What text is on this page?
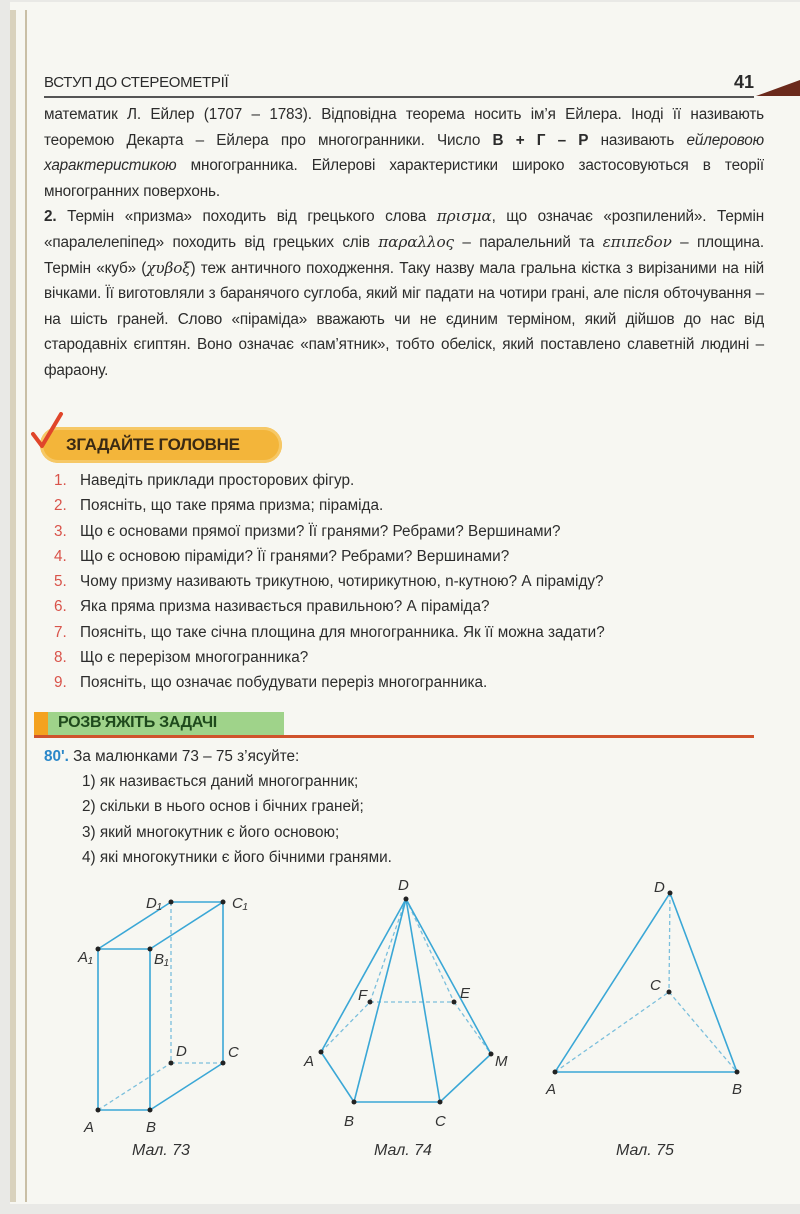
ВСТУП ДО СТЕРЕОМЕТРІЇ	41

математик Л. Ейлер (1707 – 1783). Відповідна теорема носить ім’я Ейлера. Іноді її називають теоремою Декарта – Ейлера про многогранники. Число В + Г – Р називають ейлеровою характеристикою многогранника. Ейлерові характеристики широко застосовуються в теорії многогранних поверхонь.

2. Термін «призма» походить від грецького слова πρισμα, що означає «розпилений». Термін «паралелепіпед» походить від грецьких слів παραλλος – паралельний та επιπεδον – площина. Термін «куб» (χυβοξ) теж античного походження. Таку назву мала гральна кістка з вирізаними на ній вічками. Її виготовляли з баранячого суглоба, який міг падати на чотири грані, але після обточування – на шість граней. Слово «піраміда» вважають чи не єдиним терміном, який дійшов до нас від стародавніх єгиптян. Воно означає «пам’ятник», тобто обеліск, який поставлено славетній людині – фараону.

ЗГАДАЙТЕ ГОЛОВНЕ
1. Наведіть приклади просторових фігур.
2. Поясніть, що таке пряма призма; піраміда.
3. Що є основами прямої призми? Її гранями? Ребрами? Вершинами?
4. Що є основою піраміди? Її гранями? Ребрами? Вершинами?
5. Чому призму називають трикутною, чотирикутною, n-кутною? А піраміду?
6. Яка пряма призма називається правильною? А піраміда?
7. Поясніть, що таке січна площина для многогранника. Як її можна задати?
8. Що є перерізом многогранника?
9. Поясніть, що означає побудувати переріз многогранника.
РОЗВ'ЯЖІТЬ ЗАДАЧІ
80'. За малюнками 73 – 75 з’ясуйте:
1) як називається даний многогранник;
2) скільки в нього основ і бічних граней;
3) який многокутник є його основою;
4) які многокутники є його бічними гранями.
D₁	C₁
A₁	B₁
D	C
A	B
Мал. 73
D
F	E
A	M
B	C
Мал. 74
D
C
A	B
Мал. 75
